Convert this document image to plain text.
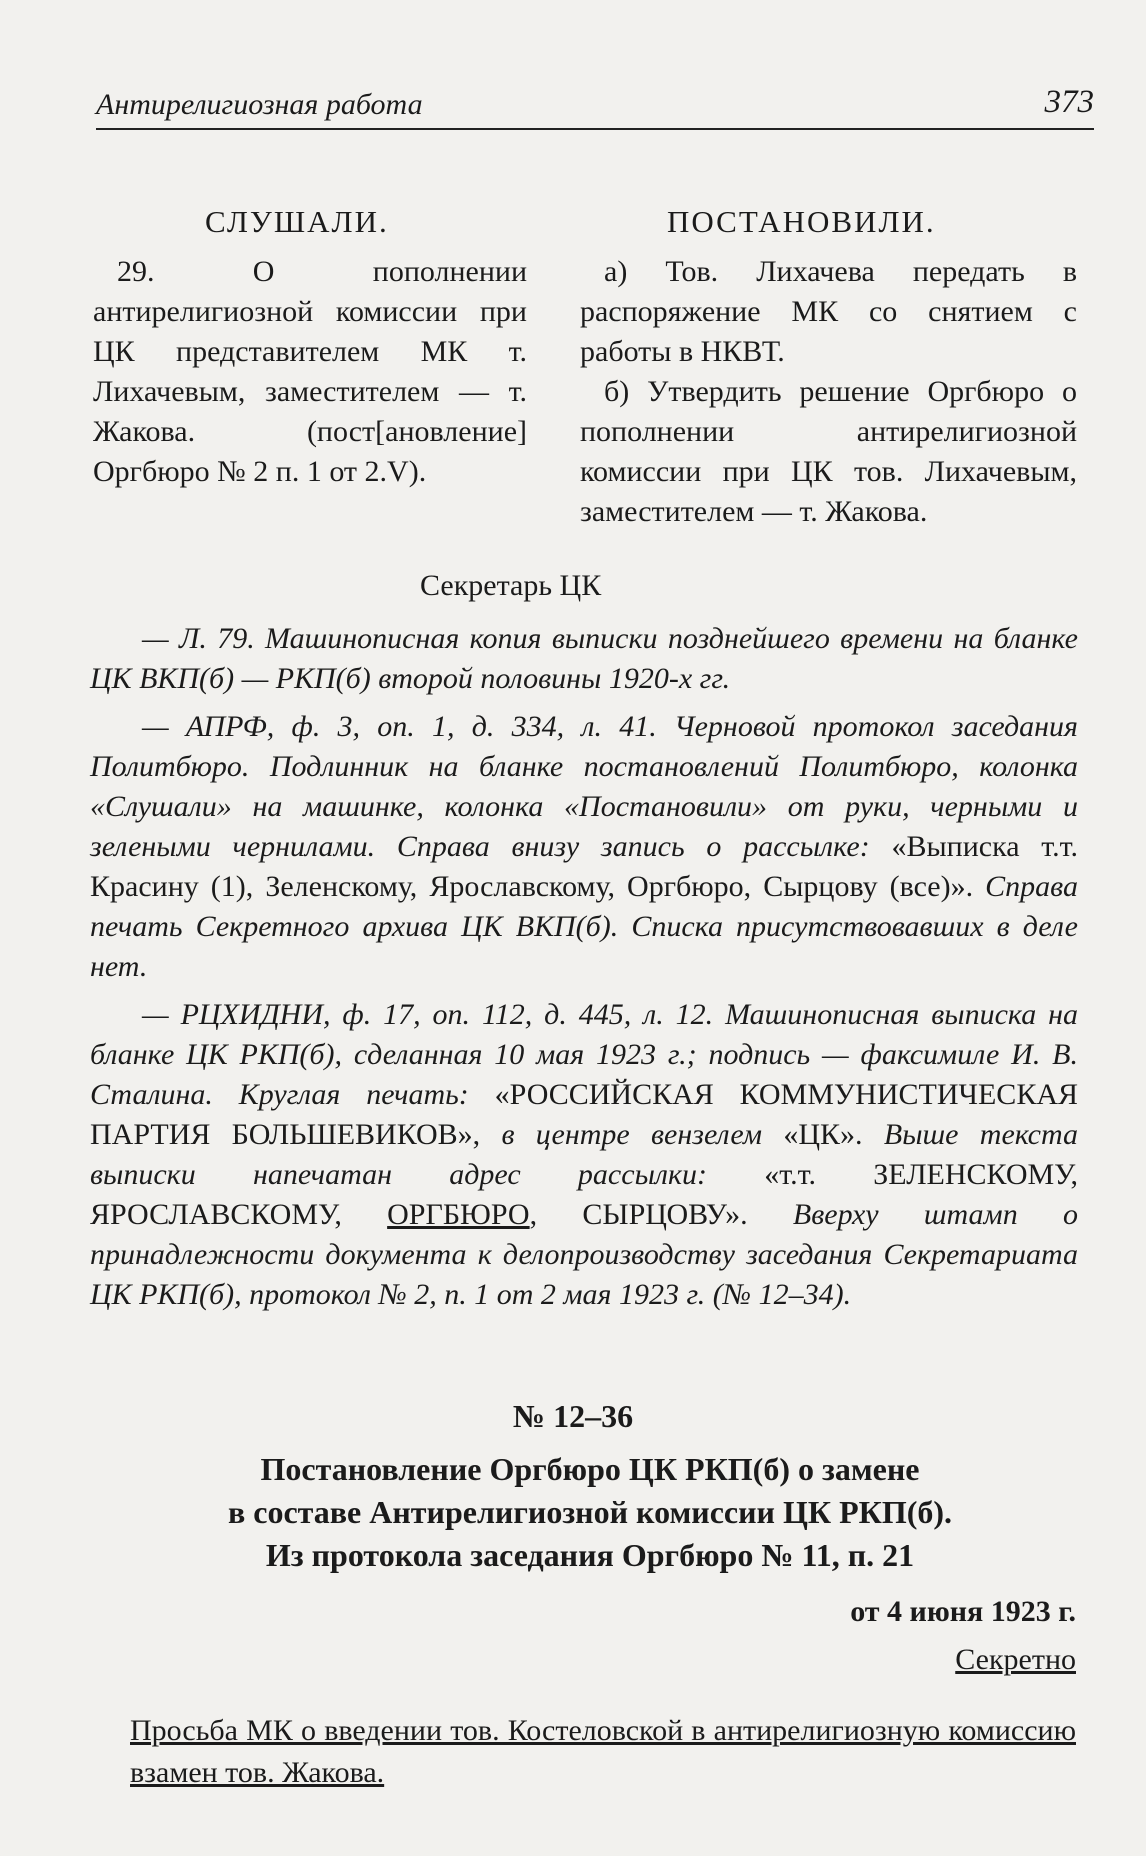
Антирелигиозная работа	373
СЛУШАЛИ.	ПОСТАНОВИЛИ.

29. О пополнении антирелигиозной комиссии при ЦК представителем МК т. Лихачевым, заместителем — т. Жакова. (пост[ановление] Оргбюро № 2 п. 1 от 2.V).

а) Тов. Лихачева передать в распоряжение МК со снятием с работы в НКВТ.

б) Утвердить решение Оргбюро о пополнении антирелигиозной комиссии при ЦК тов. Лихачевым, заместителем — т. Жакова.

Секретарь ЦК

— Л. 79. Машинописная копия выписки позднейшего времени на бланке ЦК ВКП(б) — РКП(б) второй половины 1920-х гг.

— АПРФ, ф. 3, оп. 1, д. 334, л. 41. Черновой протокол заседания Политбюро. Подлинник на бланке постановлений Политбюро, колонка «Слушали» на машинке, колонка «Постановили» от руки, черными и зелеными чернилами. Справа внизу запись о рассылке: «Выписка т.т. Красину (1), Зеленскому, Ярославскому, Оргбюро, Сырцову (все)». Справа печать Секретного архива ЦК ВКП(б). Списка присутствовавших в деле нет.

— РЦХИДНИ, ф. 17, оп. 112, д. 445, л. 12. Машинописная выписка на бланке ЦК РКП(б), сделанная 10 мая 1923 г.; подпись — факсимиле И. В. Сталина. Круглая печать: «РОССИЙСКАЯ КОММУНИСТИЧЕСКАЯ ПАРТИЯ БОЛЬШЕВИКОВ», в центре вензелем «ЦК». Выше текста выписки напечатан адрес рассылки: «т.т. ЗЕЛЕНСКОМУ, ЯРОСЛАВСКОМУ, ОРГБЮРО, СЫРЦОВУ». Вверху штамп о принадлежности документа к делопроизводству заседания Секретариата ЦК РКП(б), протокол № 2, п. 1 от 2 мая 1923 г. (№ 12–34).

№ 12–36
Постановление Оргбюро ЦК РКП(б) о замене
в составе Антирелигиозной комиссии ЦК РКП(б).
Из протокола заседания Оргбюро № 11, п. 21
от 4 июня 1923 г.
Секретно
Просьба МК о введении тов. Костеловской в антирелигиозную комиссию взамен тов. Жакова.
